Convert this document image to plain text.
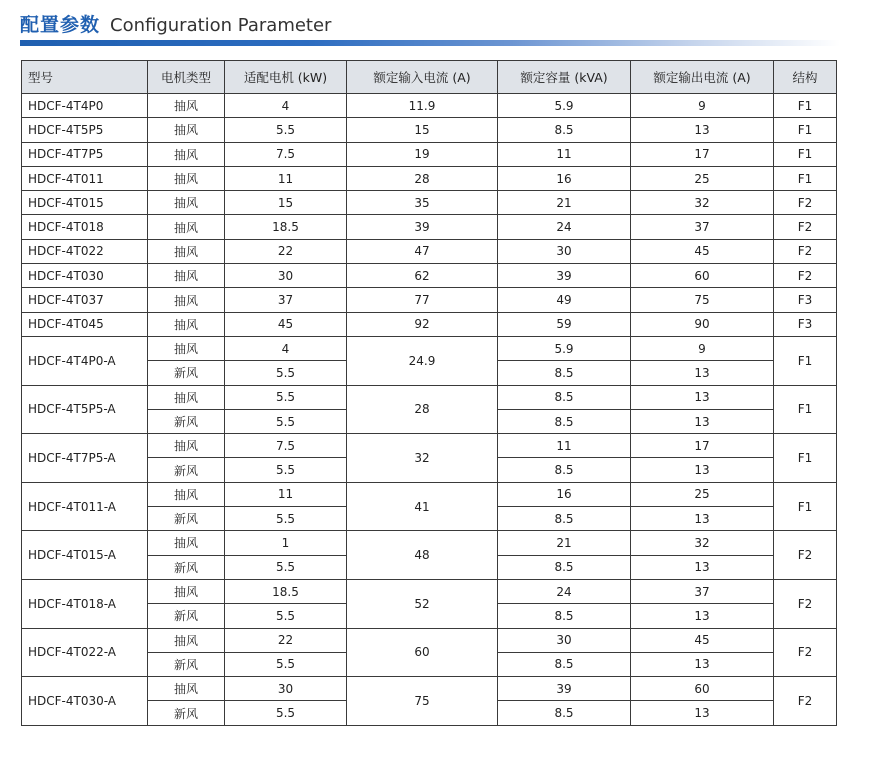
配置参数 Configuration Parameter
型号	电机类型	适配电机 (kW)	额定输入电流 (A)	额定容量 (kVA)	额定输出电流 (A)	结构
HDCF-4T4P0	抽风	4	11.9	5.9	9	F1
HDCF-4T5P5	抽风	5.5	15	8.5	13	F1
HDCF-4T7P5	抽风	7.5	19	11	17	F1
HDCF-4T011	抽风	11	28	16	25	F1
HDCF-4T015	抽风	15	35	21	32	F2
HDCF-4T018	抽风	18.5	39	24	37	F2
HDCF-4T022	抽风	22	47	30	45	F2
HDCF-4T030	抽风	30	62	39	60	F2
HDCF-4T037	抽风	37	77	49	75	F3
HDCF-4T045	抽风	45	92	59	90	F3
HDCF-4T4P0-A	抽风	4	24.9	5.9	9	F1
	新风	5.5		8.5	13	
HDCF-4T5P5-A	抽风	5.5	28	8.5	13	F1
	新风	5.5		8.5	13	
HDCF-4T7P5-A	抽风	7.5	32	11	17	F1
	新风	5.5		8.5	13	
HDCF-4T011-A	抽风	11	41	16	25	F1
	新风	5.5		8.5	13	
HDCF-4T015-A	抽风	1	48	21	32	F2
	新风	5.5		8.5	13	
HDCF-4T018-A	抽风	18.5	52	24	37	F2
	新风	5.5		8.5	13	
HDCF-4T022-A	抽风	22	60	30	45	F2
	新风	5.5		8.5	13	
HDCF-4T030-A	抽风	30	75	39	60	F2
	新风	5.5		8.5	13	
